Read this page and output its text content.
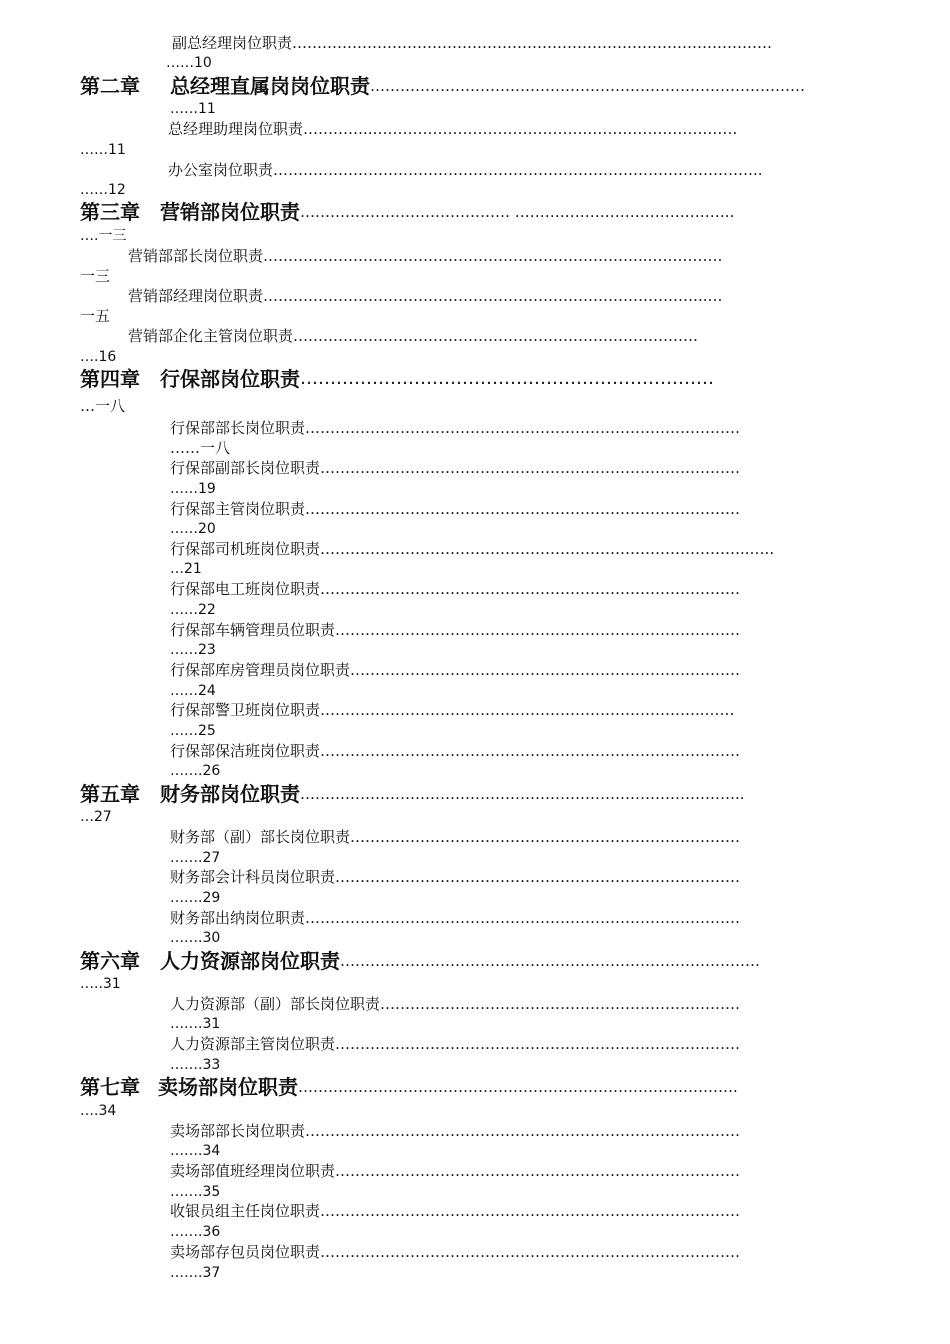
副总经理岗位职责……………………………………………………………………………………
……10
第二章 总经理直属岗岗位职责……………………………………………………………………………
……11
总经理助理岗位职责…………..…………………………………….…………………………
……11
办公室岗位职责……………………………………………………………………………………..
……12
第三章 营销部岗位职责…………………………………… ……………………………………..
….一三
营销部部长岗位职责…………………………………………………………………..……………
一三
营销部经理岗位职责……………………………………………………………………………..…
一五
营销部企化主管岗位职责………………………………………………………………………
….16
第四章 行保部岗位职责……………………………………………………………
…一八
行保部部长岗位职责……………………………………………………………………………
……一八
行保部副部长岗位职责…………………………………………………………………………
……19
行保部主管岗位职责……………………………………………………………………………
……20
行保部司机班岗位职责…………………………………………………………………………..…..
…21
行保部电工班岗位职责…………………………………………………………………………
……22
行保部车辆管理员位职责………………………………………………………………………
……23
行保部库房管理员岗位职责……………………………………………………………………
……24
行保部警卫班岗位职责…………………………………………………………………..……
……25
行保部保洁班岗位职责…………………………………………………………………………
…….26
第五章 财务部岗位职责……………………………………………………………………………..
…27
财务部（副）部长岗位职责……………………………………………………………………
…….27
财务部会计科员岗位职责………………………………………………………………………
…….29
财务部出纳岗位职责……………………………………………………………………………
…….30
第六章 人力资源部岗位职责…………………………………………………………………………
…..31
人力资源部（副）部长岗位职责………………………………………………………………
…….31
人力资源部主管岗位职责………………………………………………………………………
…….33
第七章 卖场部岗位职责…………………………………………………………………………….
….34
卖场部部长岗位职责……………………………………………………………………………
…….34
卖场部值班经理岗位职责………………………………………………………………………
…….35
收银员组主任岗位职责…………………………………………………………………………
…….36
卖场部存包员岗位职责…………………………………………………………………………
…….37
